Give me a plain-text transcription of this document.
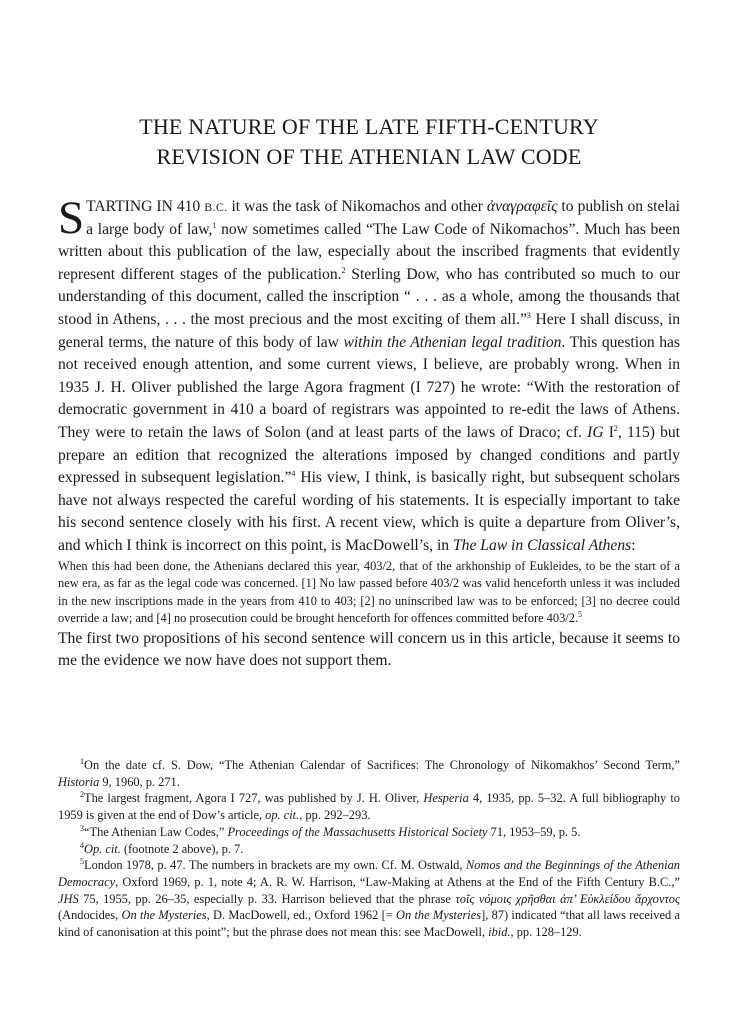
THE NATURE OF THE LATE FIFTH-CENTURY
REVISION OF THE ATHENIAN LAW CODE

STARTING IN 410 B.C. it was the task of Nikomachos and other ἀναγραφεῖς to publish on stelai a large body of law,$^1$ now sometimes called “The Law Code of Nikomachos”. Much has been written about this publication of the law, especially about the inscribed fragments that evidently represent different stages of the publication.$^2$ Sterling Dow, who has contributed so much to our understanding of this document, called the inscription “ . . . as a whole, among the thousands that stood in Athens, . . . the most precious and the most exciting of them all.”$^3$ Here I shall discuss, in general terms, the nature of this body of law within the Athenian legal tradition. This question has not received enough attention, and some current views, I believe, are probably wrong. When in 1935 J. H. Oliver published the large Agora fragment (I 727) he wrote: “With the restoration of democratic government in 410 a board of registrars was appointed to re-edit the laws of Athens. They were to retain the laws of Solon (and at least parts of the laws of Draco; cf. IG $I^2$, 115) but prepare an edition that recognized the alterations imposed by changed conditions and partly expressed in subsequent legislation.”$^4$ His view, I think, is basically right, but subsequent scholars have not always respected the careful wording of his statements. It is especially important to take his second sentence closely with his first. A recent view, which is quite a departure from Oliver’s, and which I think is incorrect on this point, is MacDowell’s, in The Law in Classical Athens:

When this had been done, the Athenians declared this year, 403/2, that of the arkhonship of Eukleides, to be the start of a new era, as far as the legal code was concerned. [1] No law passed before 403/2 was valid henceforth unless it was included in the new inscriptions made in the years from 410 to 403; [2] no uninscribed law was to be enforced; [3] no decree could override a law; and [4] no prosecution could be brought henceforth for offences committed before 403/2.$^5$

The first two propositions of his second sentence will concern us in this article, because it seems to me the evidence we now have does not support them.

$^1$On the date cf. S. Dow, “The Athenian Calendar of Sacrifices: The Chronology of Nikomakhos’ Second Term,” Historia 9, 1960, p. 271.

$^2$The largest fragment, Agora I 727, was published by J. H. Oliver, Hesperia 4, 1935, pp. 5–32. A full bibliography to 1959 is given at the end of Dow’s article, op. cit., pp. 292–293.

$^3$“The Athenian Law Codes,” Proceedings of the Massachusetts Historical Society 71, 1953–59, p. 5.

$^4$Op. cit. (footnote 2 above), p. 7.

$^5$London 1978, p. 47. The numbers in brackets are my own. Cf. M. Ostwald, Nomos and the Beginnings of the Athenian Democracy, Oxford 1969, p. 1, note 4; A. R. W. Harrison, “Law-Making at Athens at the End of the Fifth Century B.C.,” JHS 75, 1955, pp. 26–35, especially p. 33. Harrison believed that the phrase τοῖς νόμοις χρῆσθαι ἀπ’ Εὐκλείδου ἄρχοντος (Andocides, On the Mysteries, D. MacDowell, ed., Oxford 1962 [= On the Mysteries], 87) indicated “that all laws received a kind of canonisation at this point”; but the phrase does not mean this: see MacDowell, ibid., pp. 128–129.
